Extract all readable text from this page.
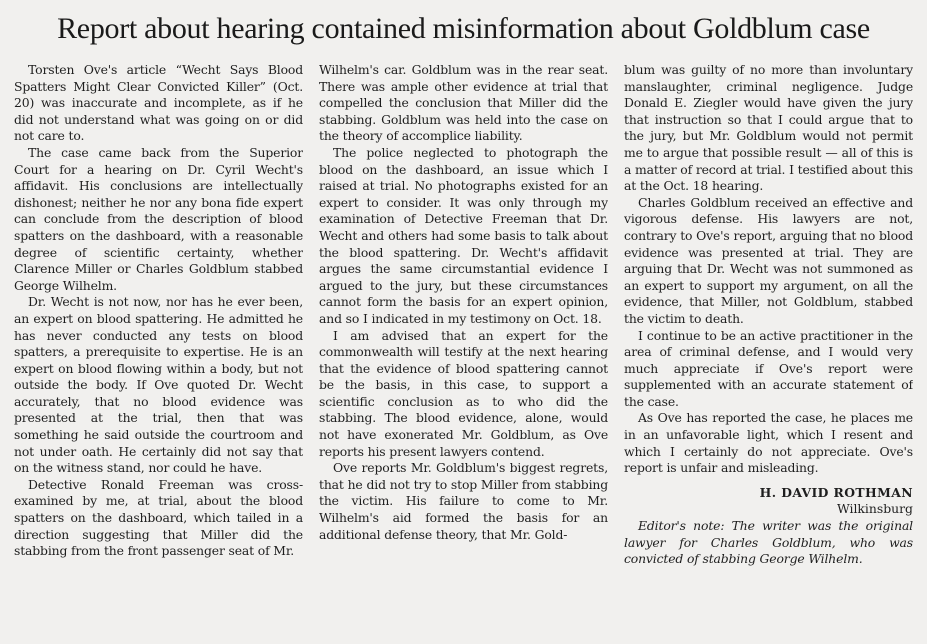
Report about hearing contained misinformation about Goldblum case

Torsten Ove's article “Wecht Says Blood Spatters Might Clear Convicted Killer” (Oct. 20) was inaccurate and incomplete, as if he did not understand what was going on or did not care to.

The case came back from the Superior Court for a hearing on Dr. Cyril Wecht's affidavit. His conclusions are intellectually dishonest; neither he nor any bona fide expert can conclude from the description of blood spatters on the dashboard, with a reasonable degree of scientific certainty, whether Clarence Miller or Charles Goldblum stabbed George Wilhelm.

Dr. Wecht is not now, nor has he ever been, an expert on blood spattering. He admitted he has never conducted any tests on blood spatters, a prerequisite to expertise. He is an expert on blood flowing within a body, but not outside the body. If Ove quoted Dr. Wecht accurately, that no blood evidence was presented at the trial, then that was something he said outside the courtroom and not under oath. He certainly did not say that on the witness stand, nor could he have.

Detective Ronald Freeman was cross-examined by me, at trial, about the blood spatters on the dashboard, which tailed in a direction suggesting that Miller did the stabbing from the front passenger seat of Mr.

Wilhelm's car. Goldblum was in the rear seat. There was ample other evidence at trial that compelled the conclusion that Miller did the stabbing. Goldblum was held into the case on the theory of accomplice liability.

The police neglected to photograph the blood on the dashboard, an issue which I raised at trial. No photographs existed for an expert to consider. It was only through my examination of Detective Freeman that Dr. Wecht and others had some basis to talk about the blood spattering. Dr. Wecht's affidavit argues the same circumstantial evidence I argued to the jury, but these circumstances cannot form the basis for an expert opinion, and so I indicated in my testimony on Oct. 18.

I am advised that an expert for the commonwealth will testify at the next hearing that the evidence of blood spattering cannot be the basis, in this case, to support a scientific conclusion as to who did the stabbing. The blood evidence, alone, would not have exonerated Mr. Goldblum, as Ove reports his present lawyers contend.

Ove reports Mr. Goldblum's biggest regrets, that he did not try to stop Miller from stabbing the victim. His failure to come to Mr. Wilhelm's aid formed the basis for an additional defense theory, that Mr. Gold-

blum was guilty of no more than involuntary manslaughter, criminal negligence. Judge Donald E. Ziegler would have given the jury that instruction so that I could argue that to the jury, but Mr. Goldblum would not permit me to argue that possible result — all of this is a matter of record at trial. I testified about this at the Oct. 18 hearing.

Charles Goldblum received an effective and vigorous defense. His lawyers are not, contrary to Ove's report, arguing that no blood evidence was presented at trial. They are arguing that Dr. Wecht was not summoned as an expert to support my argument, on all the evidence, that Miller, not Goldblum, stabbed the victim to death.

I continue to be an active practitioner in the area of criminal defense, and I would very much appreciate if Ove's report were supplemented with an accurate statement of the case.

As Ove has reported the case, he places me in an unfavorable light, which I resent and which I certainly do not appreciate. Ove's report is unfair and misleading.

H. DAVID ROTHMAN
Wilkinsburg

Editor's note: The writer was the original lawyer for Charles Goldblum, who was convicted of stabbing George Wilhelm.
